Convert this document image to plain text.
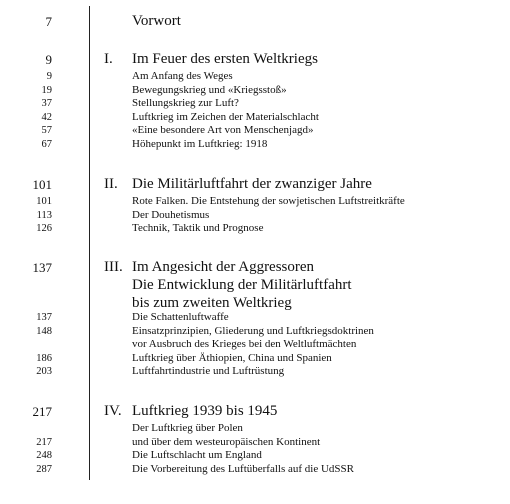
7	Vorwort
9	I. Im Feuer des ersten Weltkriegs
9	Am Anfang des Weges
19	Bewegungskrieg und «Kriegsstoß»
37	Stellungskrieg zur Luft?
42	Luftkrieg im Zeichen der Materialschlacht
57	«Eine besondere Art von Menschenjagd»
67	Höhepunkt im Luftkrieg: 1918
101	II. Die Militärluftfahrt der zwanziger Jahre
101	Rote Falken. Die Entstehung der sowjetischen Luftstreitkräfte
113	Der Douhetismus
126	Technik, Taktik und Prognose
137	III. Im Angesicht der Aggressoren
Die Entwicklung der Militärluftfahrt
bis zum zweiten Weltkrieg
137	Die Schattenluftwaffe
148	Einsatzprinzipien, Gliederung und Luftkriegsdoktrinen
vor Ausbruch des Krieges bei den Weltluftmächten
186	Luftkrieg über Äthiopien, China und Spanien
203	Luftfahrtindustrie und Luftrüstung
217	IV. Luftkrieg 1939 bis 1945
Der Luftkrieg über Polen
217	und über dem westeuropäischen Kontinent
248	Die Luftschlacht um England
287	Die Vorbereitung des Luftüberfalls auf die UdSSR
